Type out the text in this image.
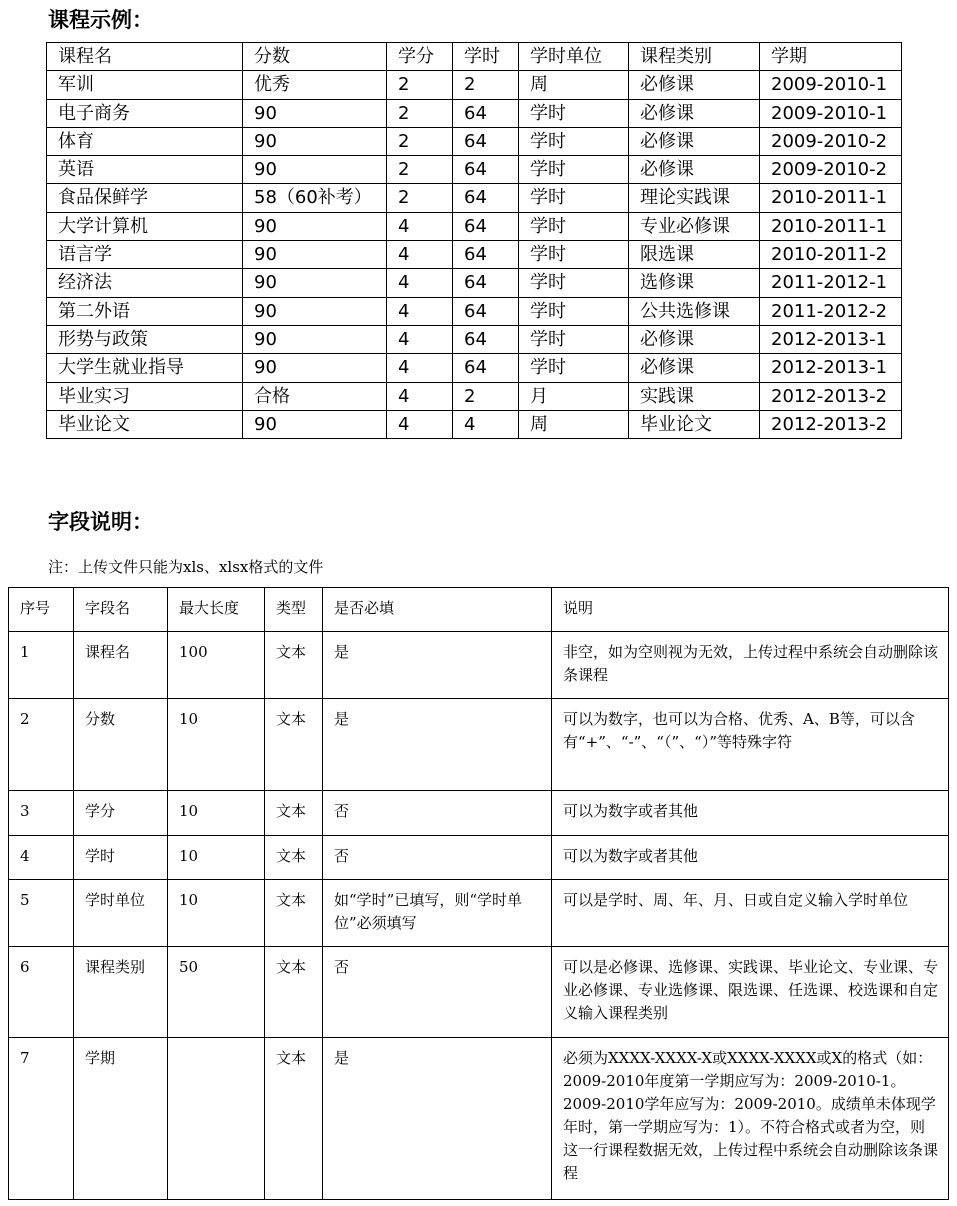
课程示例：
课程名	分数	学分	学时	学时单位	课程类别	学期
军训	优秀	2	2	周	必修课	2009-2010-1
电子商务	90	2	64	学时	必修课	2009-2010-1
体育	90	2	64	学时	必修课	2009-2010-2
英语	90	2	64	学时	必修课	2009-2010-2
食品保鲜学	58（60补考）	2	64	学时	理论实践课	2010-2011-1
大学计算机	90	4	64	学时	专业必修课	2010-2011-1
语言学	90	4	64	学时	限选课	2010-2011-2
经济法	90	4	64	学时	选修课	2011-2012-1
第二外语	90	4	64	学时	公共选修课	2011-2012-2
形势与政策	90	4	64	学时	必修课	2012-2013-1
大学生就业指导	90	4	64	学时	必修课	2012-2013-1
毕业实习	合格	4	2	月	实践课	2012-2013-2
毕业论文	90	4	4	周	毕业论文	2012-2013-2
字段说明：
注：上传文件只能为xls、xlsx格式的文件
序号	字段名	最大长度	类型	是否必填	说明
1	课程名	100	文本	是	非空，如为空则视为无效，上传过程中系统会自动删除该条课程
2	分数	10	文本	是	可以为数字，也可以为合格、优秀、A、B等，可以含有“+”、“-”、“（”、“）”等特殊字符
3	学分	10	文本	否	可以为数字或者其他
4	学时	10	文本	否	可以为数字或者其他
5	学时单位	10	文本	如“学时”已填写，则“学时单位”必须填写	可以是学时、周、年、月、日或自定义输入学时单位
6	课程类别	50	文本	否	可以是必修课、选修课、实践课、毕业论文、专业课、专业必修课、专业选修课、限选课、任选课、校选课和自定义输入课程类别
7	学期		文本	是	必须为XXXX-XXXX-X或XXXX-XXXX或X的格式（如：2009-2010年度第一学期应写为：2009-2010-1。2009-2010学年应写为：2009-2010。成绩单未体现学年时，第一学期应写为：1）。不符合格式或者为空，则这一行课程数据无效，上传过程中系统会自动删除该条课程
